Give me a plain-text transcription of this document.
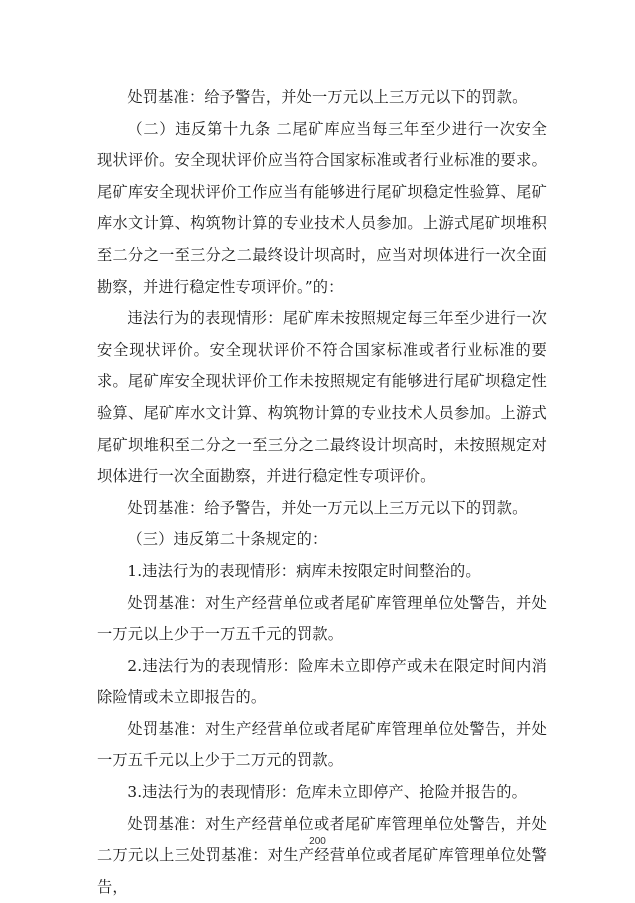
处罚基准：给予警告，并处一万元以上三万元以下的罚款。

（二）违反第十九条 二尾矿库应当每三年至少进行一次安全现状评价。安全现状评价应当符合国家标准或者行业标准的要求。尾矿库安全现状评价工作应当有能够进行尾矿坝稳定性验算、尾矿库水文计算、构筑物计算的专业技术人员参加。上游式尾矿坝堆积至二分之一至三分之二最终设计坝高时，应当对坝体进行一次全面勘察，并进行稳定性专项评价。”的：

违法行为的表现情形：尾矿库未按照规定每三年至少进行一次安全现状评价。安全现状评价不符合国家标准或者行业标准的要求。尾矿库安全现状评价工作未按照规定有能够进行尾矿坝稳定性验算、尾矿库水文计算、构筑物计算的专业技术人员参加。上游式尾矿坝堆积至二分之一至三分之二最终设计坝高时，未按照规定对坝体进行一次全面勘察，并进行稳定性专项评价。

处罚基准：给予警告，并处一万元以上三万元以下的罚款。

（三）违反第二十条规定的：

1.违法行为的表现情形：病库未按限定时间整治的。

处罚基准：对生产经营单位或者尾矿库管理单位处警告，并处一万元以上少于一万五千元的罚款。

2.违法行为的表现情形：险库未立即停产或未在限定时间内消除险情或未立即报告的。

处罚基准：对生产经营单位或者尾矿库管理单位处警告，并处一万五千元以上少于二万元的罚款。

3.违法行为的表现情形：危库未立即停产、抢险并报告的。

处罚基准：对生产经营单位或者尾矿库管理单位处警告，并处二万元以上三处罚基准：对生产经营单位或者尾矿库管理单位处警告，

200
